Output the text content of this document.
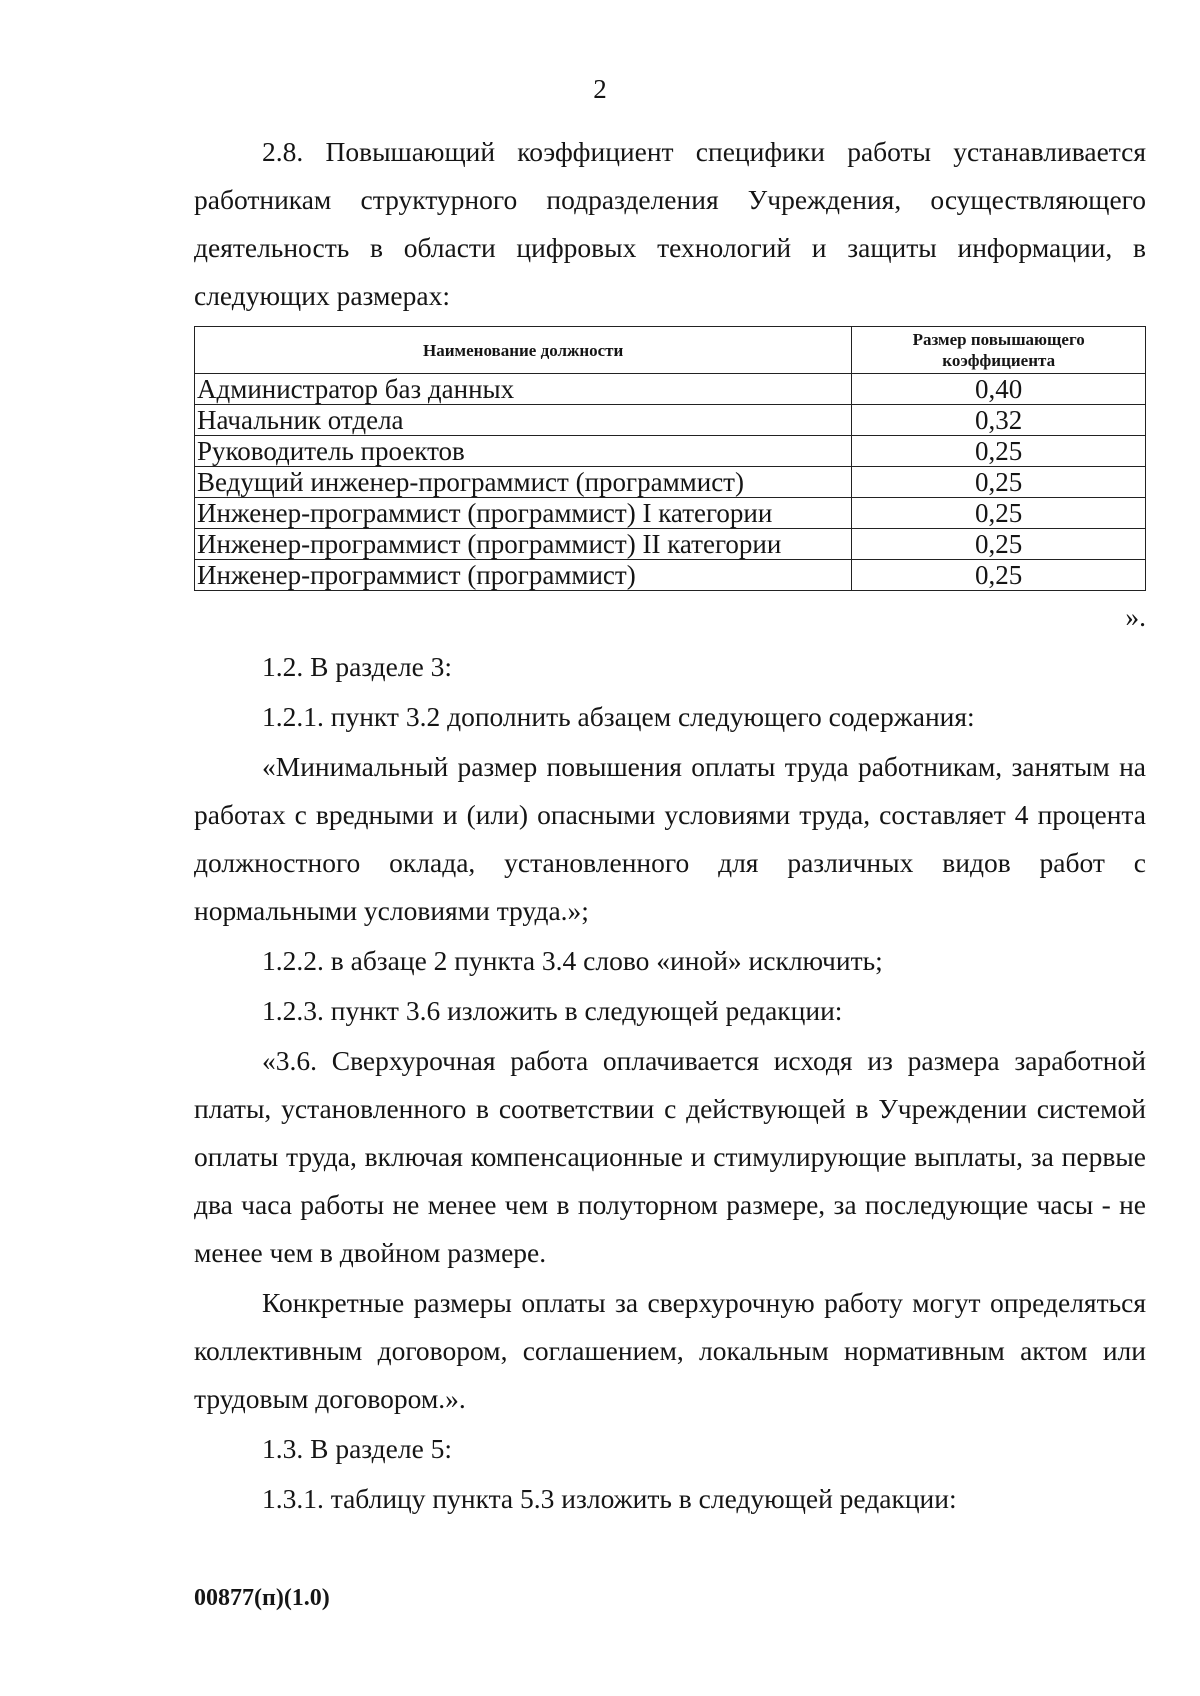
2

2.8. Повышающий коэффициент специфики работы устанавливается работникам структурного подразделения Учреждения, осуществляющего деятельность в области цифровых технологий и защиты информации, в следующих размерах:

Наименование должности	Размер повышающего коэффициента
Администратор баз данных	0,40
Начальник отдела	0,32
Руководитель проектов	0,25
Ведущий инженер-программист (программист)	0,25
Инженер-программист (программист) I категории	0,25
Инженер-программист (программист) II категории	0,25
Инженер-программист (программист)	0,25
».

1.2. В разделе 3:

1.2.1. пункт 3.2 дополнить абзацем следующего содержания:

«Минимальный размер повышения оплаты труда работникам, занятым на работах с вредными и (или) опасными условиями труда, составляет 4 процента должностного оклада, установленного для различных видов работ с нормальными условиями труда.»;

1.2.2. в абзаце 2 пункта 3.4 слово «иной» исключить;

1.2.3. пункт 3.6 изложить в следующей редакции:

«3.6. Сверхурочная работа оплачивается исходя из размера заработной платы, установленного в соответствии с действующей в Учреждении системой оплаты труда, включая компенсационные и стимулирующие выплаты, за первые два часа работы не менее чем в полуторном размере, за последующие часы - не менее чем в двойном размере.

Конкретные размеры оплаты за сверхурочную работу могут определяться коллективным договором, соглашением, локальным нормативным актом или трудовым договором.».

1.3. В разделе 5:

1.3.1. таблицу пункта 5.3 изложить в следующей редакции:

00877(п)(1.0)
